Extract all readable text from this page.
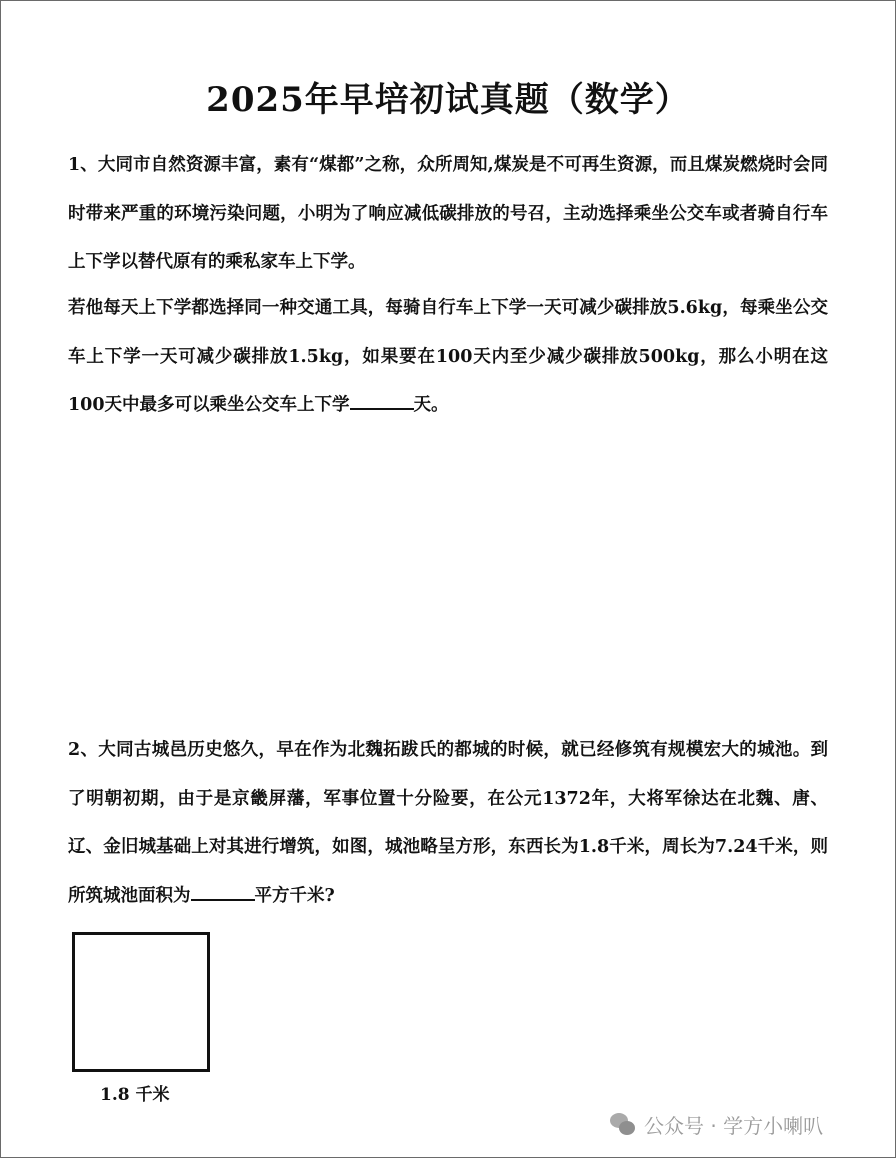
2025年早培初试真题（数学）
1、大同市自然资源丰富，素有“煤都”之称，众所周知,煤炭是不可再生资源，而且煤炭燃烧时会同时带来严重的环境污染问题，小明为了响应减低碳排放的号召，主动选择乘坐公交车或者骑自行车上下学以替代原有的乘私家车上下学。
若他每天上下学都选择同一种交通工具，每骑自行车上下学一天可减少碳排放5.6kg，每乘坐公交车上下学一天可减少碳排放1.5kg，如果要在100天内至少减少碳排放500kg，那么小明在这100天中最多可以乘坐公交车上下学	天。
2、大同古城邑历史悠久，早在作为北魏拓跋氏的都城的时候，就已经修筑有规模宏大的城池。到了明朝初期，由于是京畿屏藩，军事位置十分险要，在公元1372年，大将军徐达在北魏、唐、辽、金旧城基础上对其进行增筑，如图，城池略呈方形，东西长为1.8千米，周长为7.24千米，则所筑城池面积为	平方千米?
1.8 千米
公众号 · 学方小喇叭
